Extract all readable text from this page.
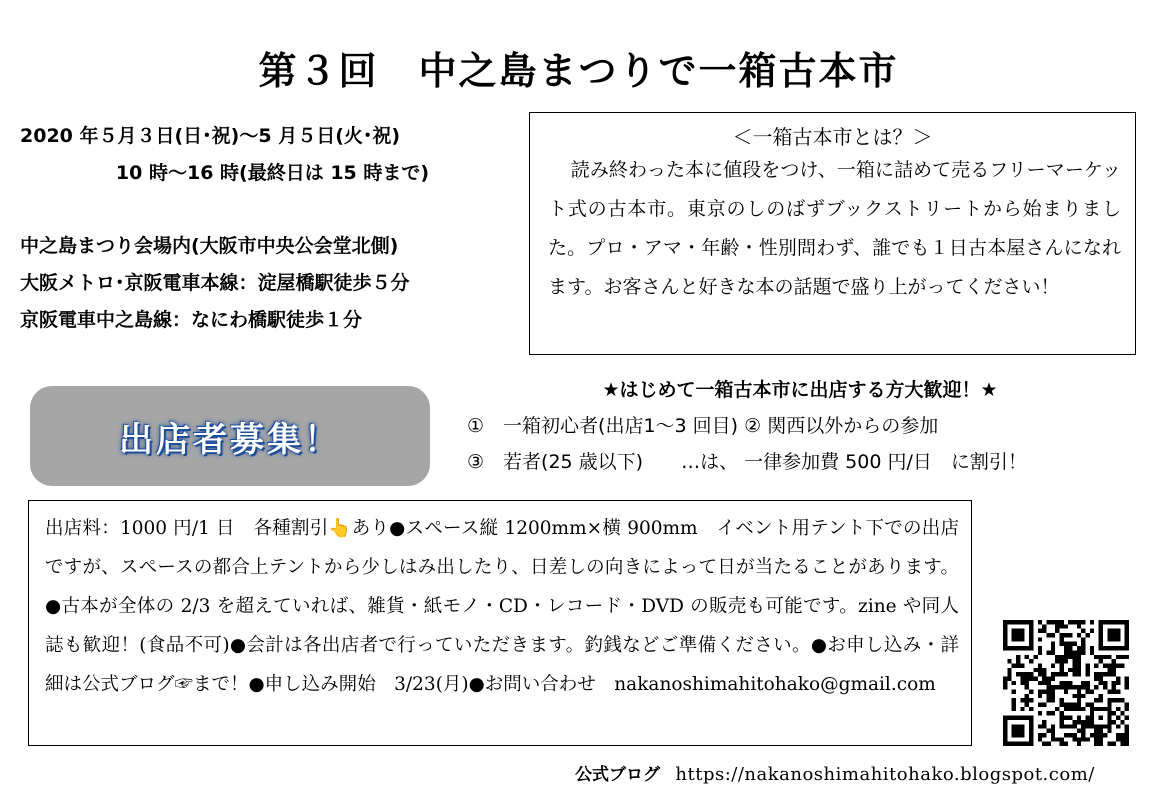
第３回　中之島まつりで一箱古本市
2020 年５月３日(日･祝)～5 月５日(火･祝)
10 時～16 時(最終日は 15 時まで)
中之島まつり会場内(大阪市中央公会堂北側)
大阪メトロ･京阪電車本線：淀屋橋駅徒歩５分
京阪電車中之島線：なにわ橋駅徒歩１分
＜一箱古本市とは？＞
読み終わった本に値段をつけ、一箱に詰めて売るフリーマーケット式の古本市。東京のしのばずブックストリートから始まりました。プロ・アマ・年齢・性別問わず、誰でも１日古本屋さんになれます。お客さんと好きな本の話題で盛り上がってください！
出店者募集！
★はじめて一箱古本市に出店する方大歓迎！★
①　一箱初心者(出店1～3 回目) ② 関西以外からの参加
③　若者(25 歳以下)　　…は、 一律参加費 500 円/日　に割引！
出店料：1000 円/1 日　各種割引👆あり●スペース縦 1200mm×横 900mm　イベント用テント下での出店ですが、スペースの都合上テントから少しはみ出したり、日差しの向きによって日が当たることがあります。●古本が全体の 2/3 を超えていれば、雑貨・紙モノ・CD・レコード・DVD の販売も可能です。zine や同人誌も歓迎！(食品不可)●会計は各出店者で行っていただきます。釣銭などご準備ください。●お申し込み・詳細は公式ブログ☞まで！●申し込み開始　3/23(月)●お問い合わせ　nakanoshimahitohako@gmail.com
公式ブログ https://nakanoshimahitohako.blogspot.com/
